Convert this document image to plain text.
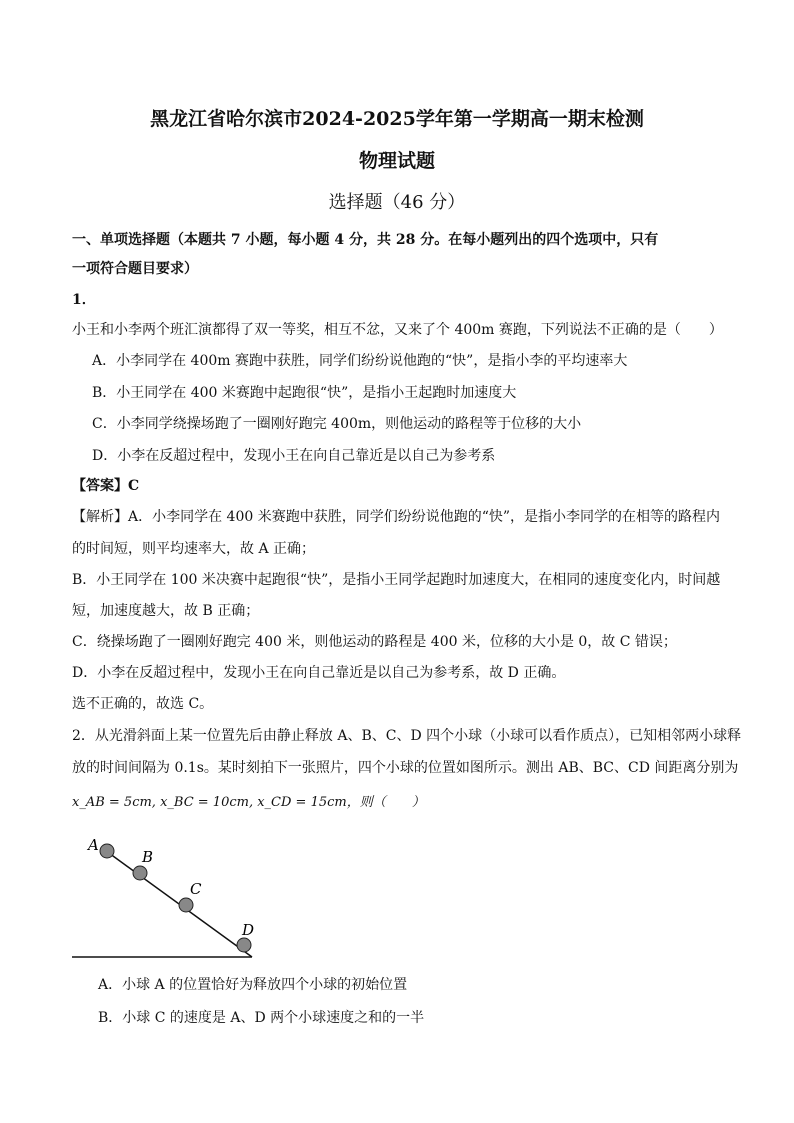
黑龙江省哈尔滨市2024-2025学年第一学期高一期末检测
物理试题
选择题（46 分）
一、单项选择题（本题共 7 小题，每小题 4 分，共 28 分。在每小题列出的四个选项中，只有
一项符合题目要求）
1．
小王和小李两个班汇演都得了双一等奖，相互不忿，又来了个 400m 赛跑，下列说法不正确的是（　　）
A．小李同学在 400m 赛跑中获胜，同学们纷纷说他跑的“快”，是指小李的平均速率大
B．小王同学在 400 米赛跑中起跑很“快”，是指小王起跑时加速度大
C．小李同学绕操场跑了一圈刚好跑完 400m，则他运动的路程等于位移的大小
D．小李在反超过程中，发现小王在向自己靠近是以自己为参考系
【答案】C
【解析】A．小李同学在 400 米赛跑中获胜，同学们纷纷说他跑的“快”，是指小李同学的在相等的路程内
的时间短，则平均速率大，故 A 正确；
B．小王同学在 100 米决赛中起跑很“快”，是指小王同学起跑时加速度大，在相同的速度变化内，时间越
短，加速度越大，故 B 正确；
C．绕操场跑了一圈刚好跑完 400 米，则他运动的路程是 400 米，位移的大小是 0，故 C 错误；
D．小李在反超过程中，发现小王在向自己靠近是以自己为参考系，故 D 正确。
选不正确的，故选 C。
2．从光滑斜面上某一位置先后由静止释放 A、B、C、D 四个小球（小球可以看作质点），已知相邻两小球释
放的时间间隔为 0.1s。某时刻拍下一张照片，四个小球的位置如图所示。测出 AB、BC、CD 间距离分别为
x_AB = 5cm, x_BC = 10cm, x_CD = 15cm，则（　　）
A
B
C
D
A．小球 A 的位置恰好为释放四个小球的初始位置
B．小球 C 的速度是 A、D 两个小球速度之和的一半
